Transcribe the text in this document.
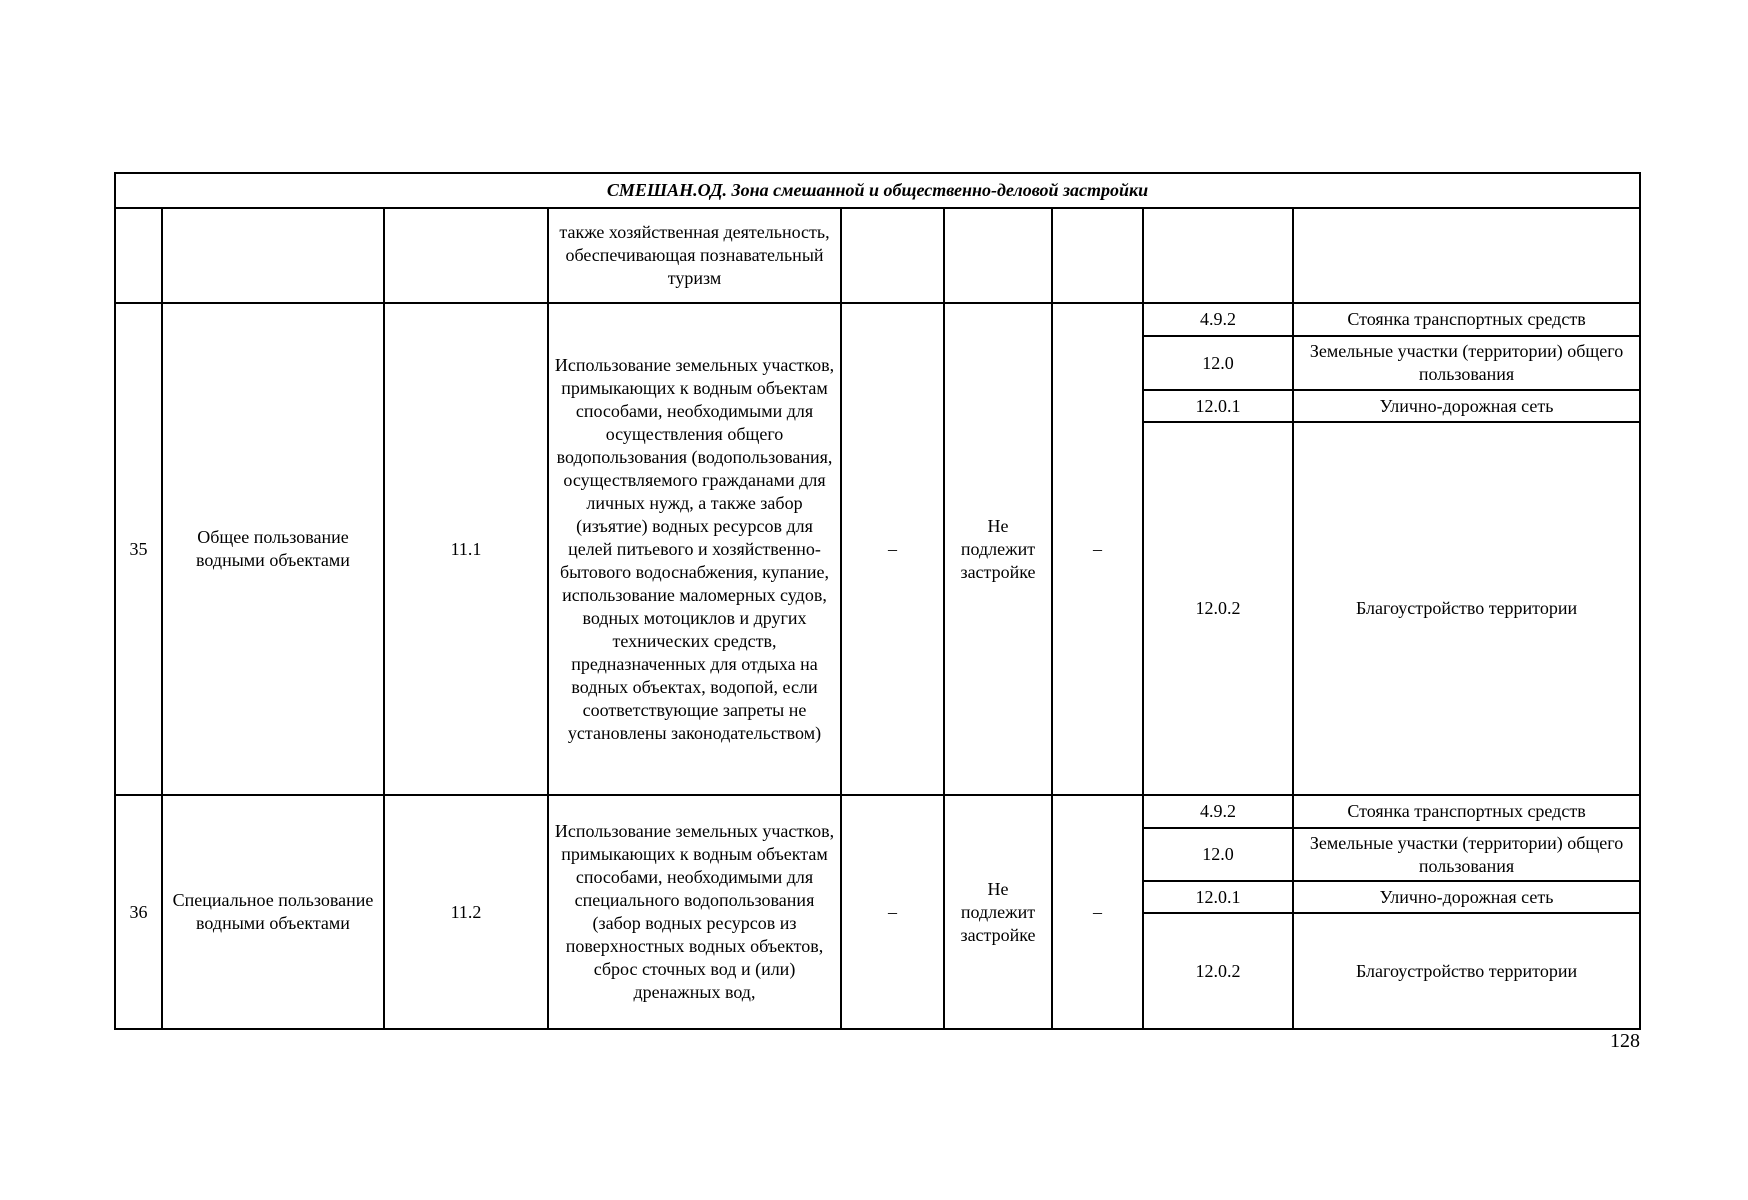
СМЕШАН.ОД. Зона смешанной и общественно-деловой застройки								
			также хозяйственная деятельность, обеспечивающая познавательный туризм					
35	Общее пользование водными объектами	11.1	Использование земельных участков, примыкающих к водным объектам способами, необходимыми для осуществления общего водопользования (водопользования, осуществляемого гражданами для личных нужд, а также забор (изъятие) водных ресурсов для целей питьевого и хозяйственно-бытового водоснабжения, купание, использование маломерных судов, водных мотоциклов и других технических средств, предназначенных для отдыха на водных объектах, водопой, если соответствующие запреты не установлены законодательством)	–	Не подлежит застройке	–	4.9.2	Стоянка транспортных средств
							12.0	Земельные участки (территории) общего пользования
							12.0.1	Улично-дорожная сеть
							12.0.2	Благоустройство территории
36	Специальное пользование водными объектами	11.2	Использование земельных участков, примыкающих к водным объектам способами, необходимыми для специального водопользования (забор водных ресурсов из поверхностных водных объектов, сброс сточных вод и (или) дренажных вод,	–	Не подлежит застройке	–	4.9.2	Стоянка транспортных средств
							12.0	Земельные участки (территории) общего пользования
							12.0.1	Улично-дорожная сеть
							12.0.2	Благоустройство территории
128
